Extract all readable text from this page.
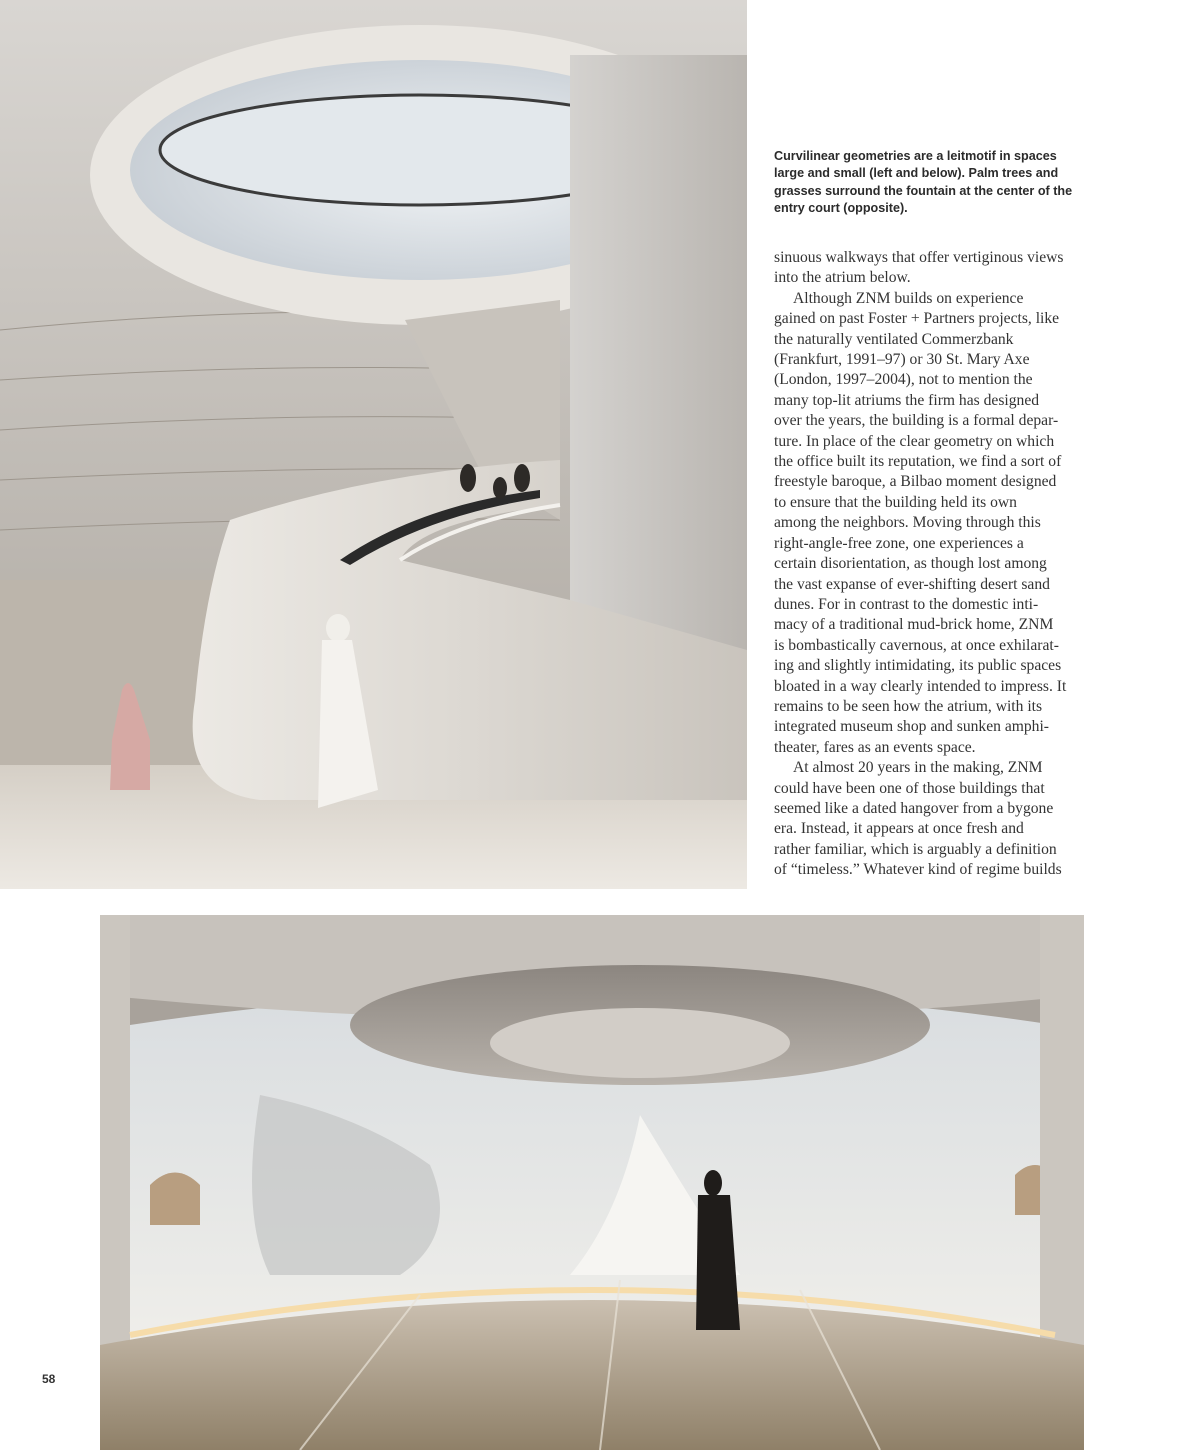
Curvilinear geometries are a leitmotif in spaces large and small (left and below). Palm trees and grasses surround the fountain at the center of the entry court (opposite).
sinuous walkways that offer vertiginous views
into the atrium below.
Although ZNM builds on experience
gained on past Foster + Partners projects, like
the naturally ventilated Commerzbank
(Frankfurt, 1991–97) or 30 St. Mary Axe
(London, 1997–2004), not to mention the
many top-lit atriums the firm has designed
over the years, the building is a formal depar-
ture. In place of the clear geometry on which
the office built its reputation, we find a sort of
freestyle baroque, a Bilbao moment designed
to ensure that the building held its own
among the neighbors. Moving through this
right-angle-free zone, one experiences a
certain disorientation, as though lost among
the vast expanse of ever-shifting desert sand
dunes. For in contrast to the domestic inti-
macy of a traditional mud-brick home, ZNM
is bombastically cavernous, at once exhilarat-
ing and slightly intimidating, its public spaces
bloated in a way clearly intended to impress. It
remains to be seen how the atrium, with its
integrated museum shop and sunken amphi-
theater, fares as an events space.
At almost 20 years in the making, ZNM
could have been one of those buildings that
seemed like a dated hangover from a bygone
era. Instead, it appears at once fresh and
rather familiar, which is arguably a definition
of “timeless.” Whatever kind of regime builds
58
